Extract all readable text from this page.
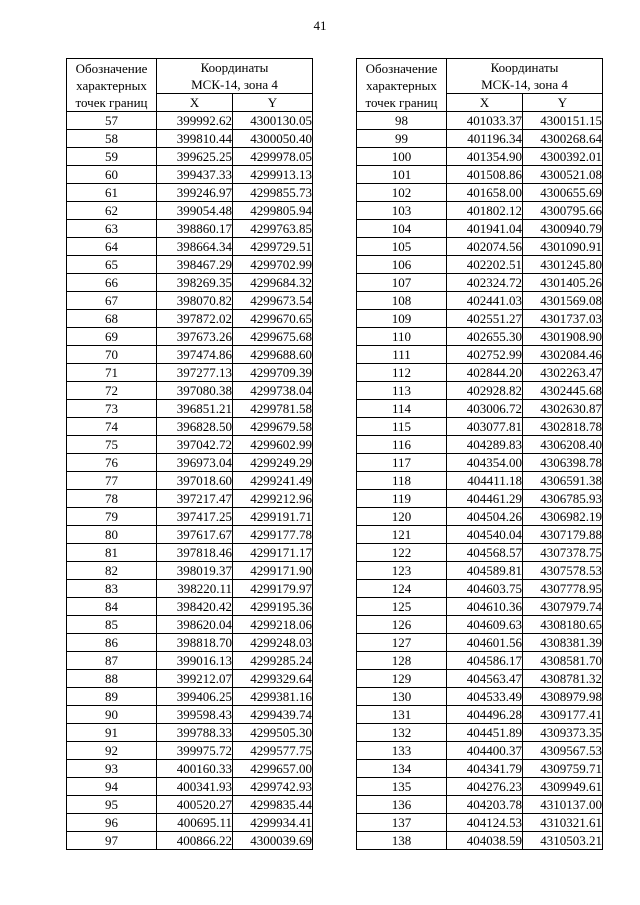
41
Обозначение
характерных
точек границ	Координаты
МСК-14, зона 4	

	X	Y
57	399992.62	4300130.05
58	399810.44	4300050.40
59	399625.25	4299978.05
60	399437.33	4299913.13
61	399246.97	4299855.73
62	399054.48	4299805.94
63	398860.17	4299763.85
64	398664.34	4299729.51
65	398467.29	4299702.99
66	398269.35	4299684.32
67	398070.82	4299673.54
68	397872.02	4299670.65
69	397673.26	4299675.68
70	397474.86	4299688.60
71	397277.13	4299709.39
72	397080.38	4299738.04
73	396851.21	4299781.58
74	396828.50	4299679.58
75	397042.72	4299602.99
76	396973.04	4299249.29
77	397018.60	4299241.49
78	397217.47	4299212.96
79	397417.25	4299191.71
80	397617.67	4299177.78
81	397818.46	4299171.17
82	398019.37	4299171.90
83	398220.11	4299179.97
84	398420.42	4299195.36
85	398620.04	4299218.06
86	398818.70	4299248.03
87	399016.13	4299285.24
88	399212.07	4299329.64
89	399406.25	4299381.16
90	399598.43	4299439.74
91	399788.33	4299505.30
92	399975.72	4299577.75
93	400160.33	4299657.00
94	400341.93	4299742.93
95	400520.27	4299835.44
96	400695.11	4299934.41
97	400866.22	4300039.69
Обозначение
характерных
точек границ	Координаты
МСК-14, зона 4	

	X	Y
98	401033.37	4300151.15
99	401196.34	4300268.64
100	401354.90	4300392.01
101	401508.86	4300521.08
102	401658.00	4300655.69
103	401802.12	4300795.66
104	401941.04	4300940.79
105	402074.56	4301090.91
106	402202.51	4301245.80
107	402324.72	4301405.26
108	402441.03	4301569.08
109	402551.27	4301737.03
110	402655.30	4301908.90
111	402752.99	4302084.46
112	402844.20	4302263.47
113	402928.82	4302445.68
114	403006.72	4302630.87
115	403077.81	4302818.78
116	404289.83	4306208.40
117	404354.00	4306398.78
118	404411.18	4306591.38
119	404461.29	4306785.93
120	404504.26	4306982.19
121	404540.04	4307179.88
122	404568.57	4307378.75
123	404589.81	4307578.53
124	404603.75	4307778.95
125	404610.36	4307979.74
126	404609.63	4308180.65
127	404601.56	4308381.39
128	404586.17	4308581.70
129	404563.47	4308781.32
130	404533.49	4308979.98
131	404496.28	4309177.41
132	404451.89	4309373.35
133	404400.37	4309567.53
134	404341.79	4309759.71
135	404276.23	4309949.61
136	404203.78	4310137.00
137	404124.53	4310321.61
138	404038.59	4310503.21
